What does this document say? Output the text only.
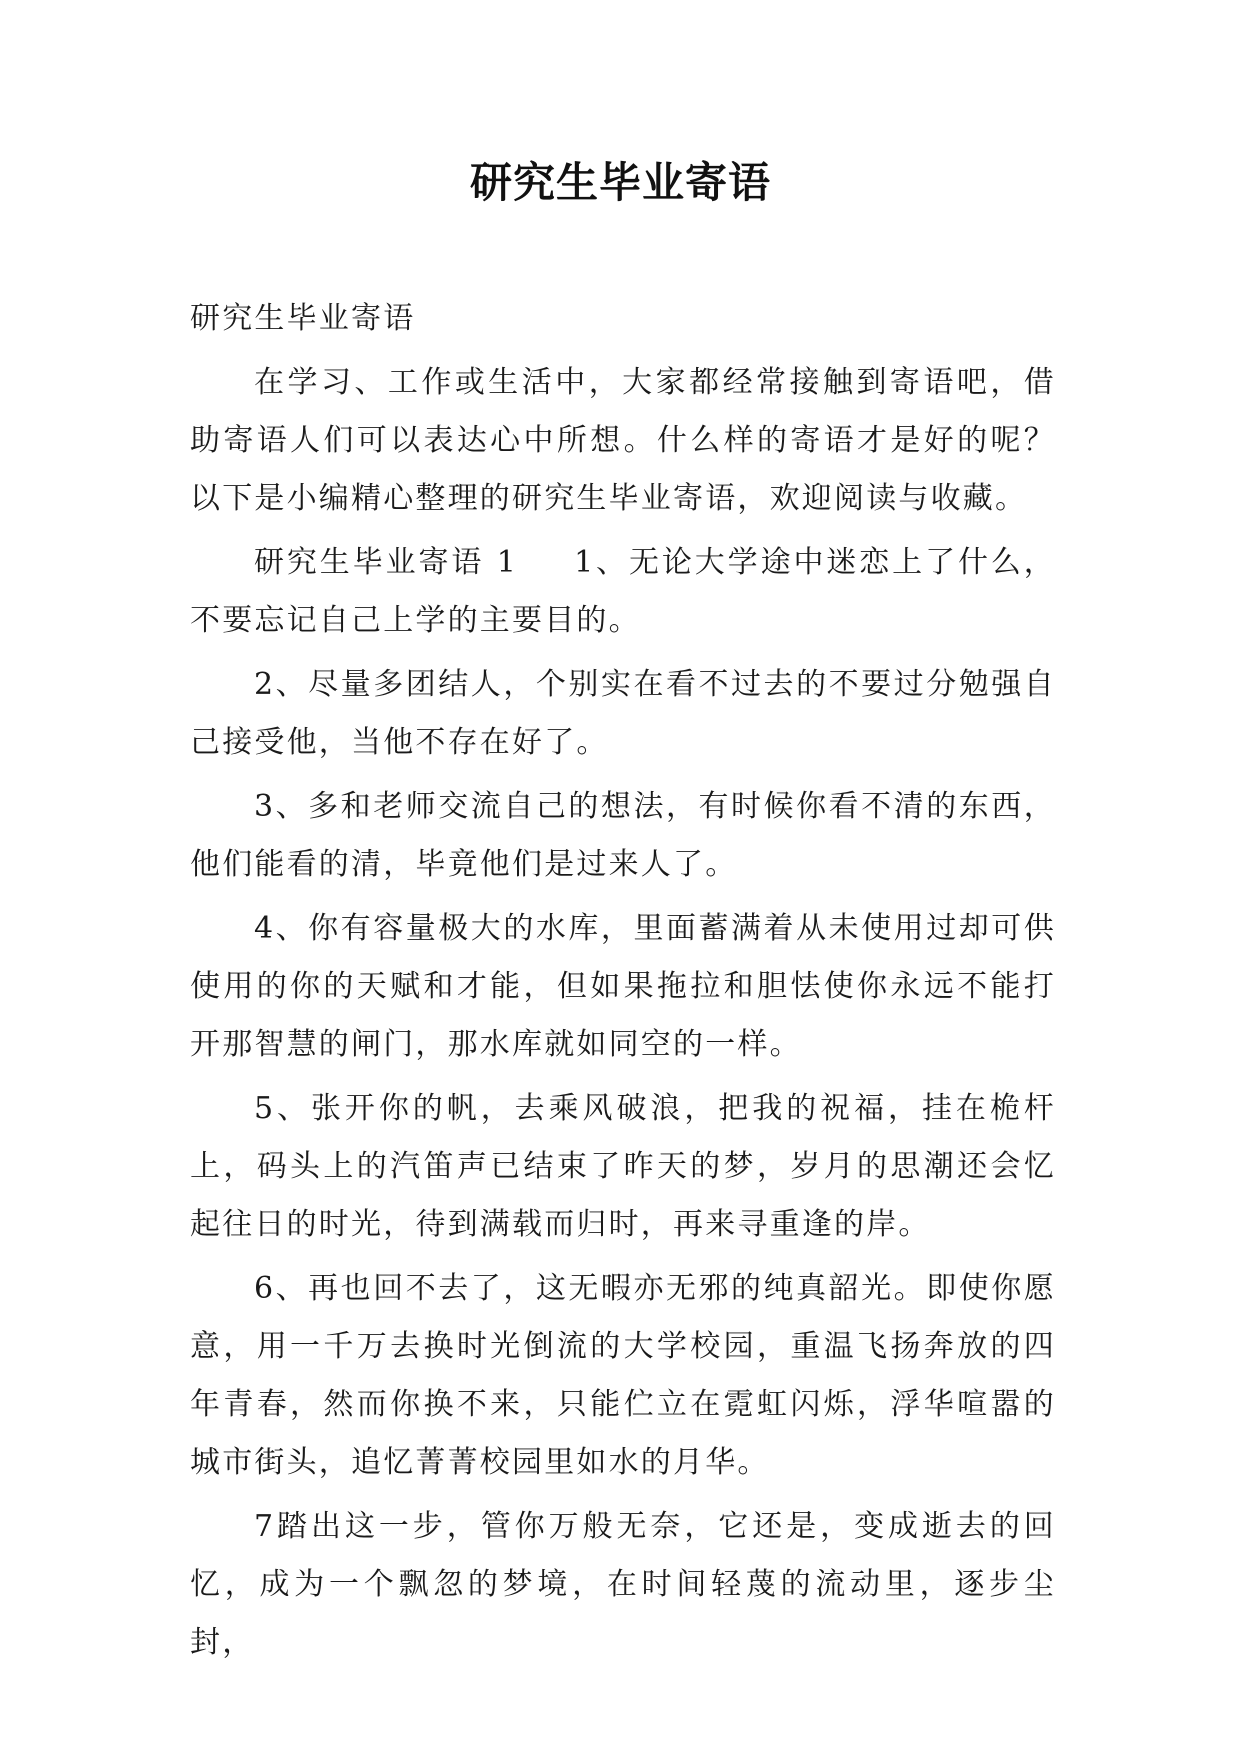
研究生毕业寄语

研究生毕业寄语

在学习、工作或生活中，大家都经常接触到寄语吧，借助寄语人们可以表达心中所想。什么样的寄语才是好的呢？以下是小编精心整理的研究生毕业寄语，欢迎阅读与收藏。

研究生毕业寄语 1 1、无论大学途中迷恋上了什么，不要忘记自己上学的主要目的。

2、尽量多团结人，个别实在看不过去的不要过分勉强自己接受他，当他不存在好了。

3、多和老师交流自己的想法，有时候你看不清的东西，他们能看的清，毕竟他们是过来人了。

4、你有容量极大的水库，里面蓄满着从未使用过却可供使用的你的天赋和才能，但如果拖拉和胆怯使你永远不能打开那智慧的闸门，那水库就如同空的一样。

5、张开你的帆，去乘风破浪，把我的祝福，挂在桅杆上，码头上的汽笛声已结束了昨天的梦，岁月的思潮还会忆起往日的时光，待到满载而归时，再来寻重逢的岸。

6、再也回不去了，这无暇亦无邪的纯真韶光。即使你愿意，用一千万去换时光倒流的大学校园，重温飞扬奔放的四年青春，然而你换不来，只能伫立在霓虹闪烁，浮华喧嚣的城市街头，追忆菁菁校园里如水的月华。

7踏出这一步，管你万般无奈，它还是，变成逝去的回忆，成为一个飘忽的梦境，在时间轻蔑的流动里，逐步尘封，
